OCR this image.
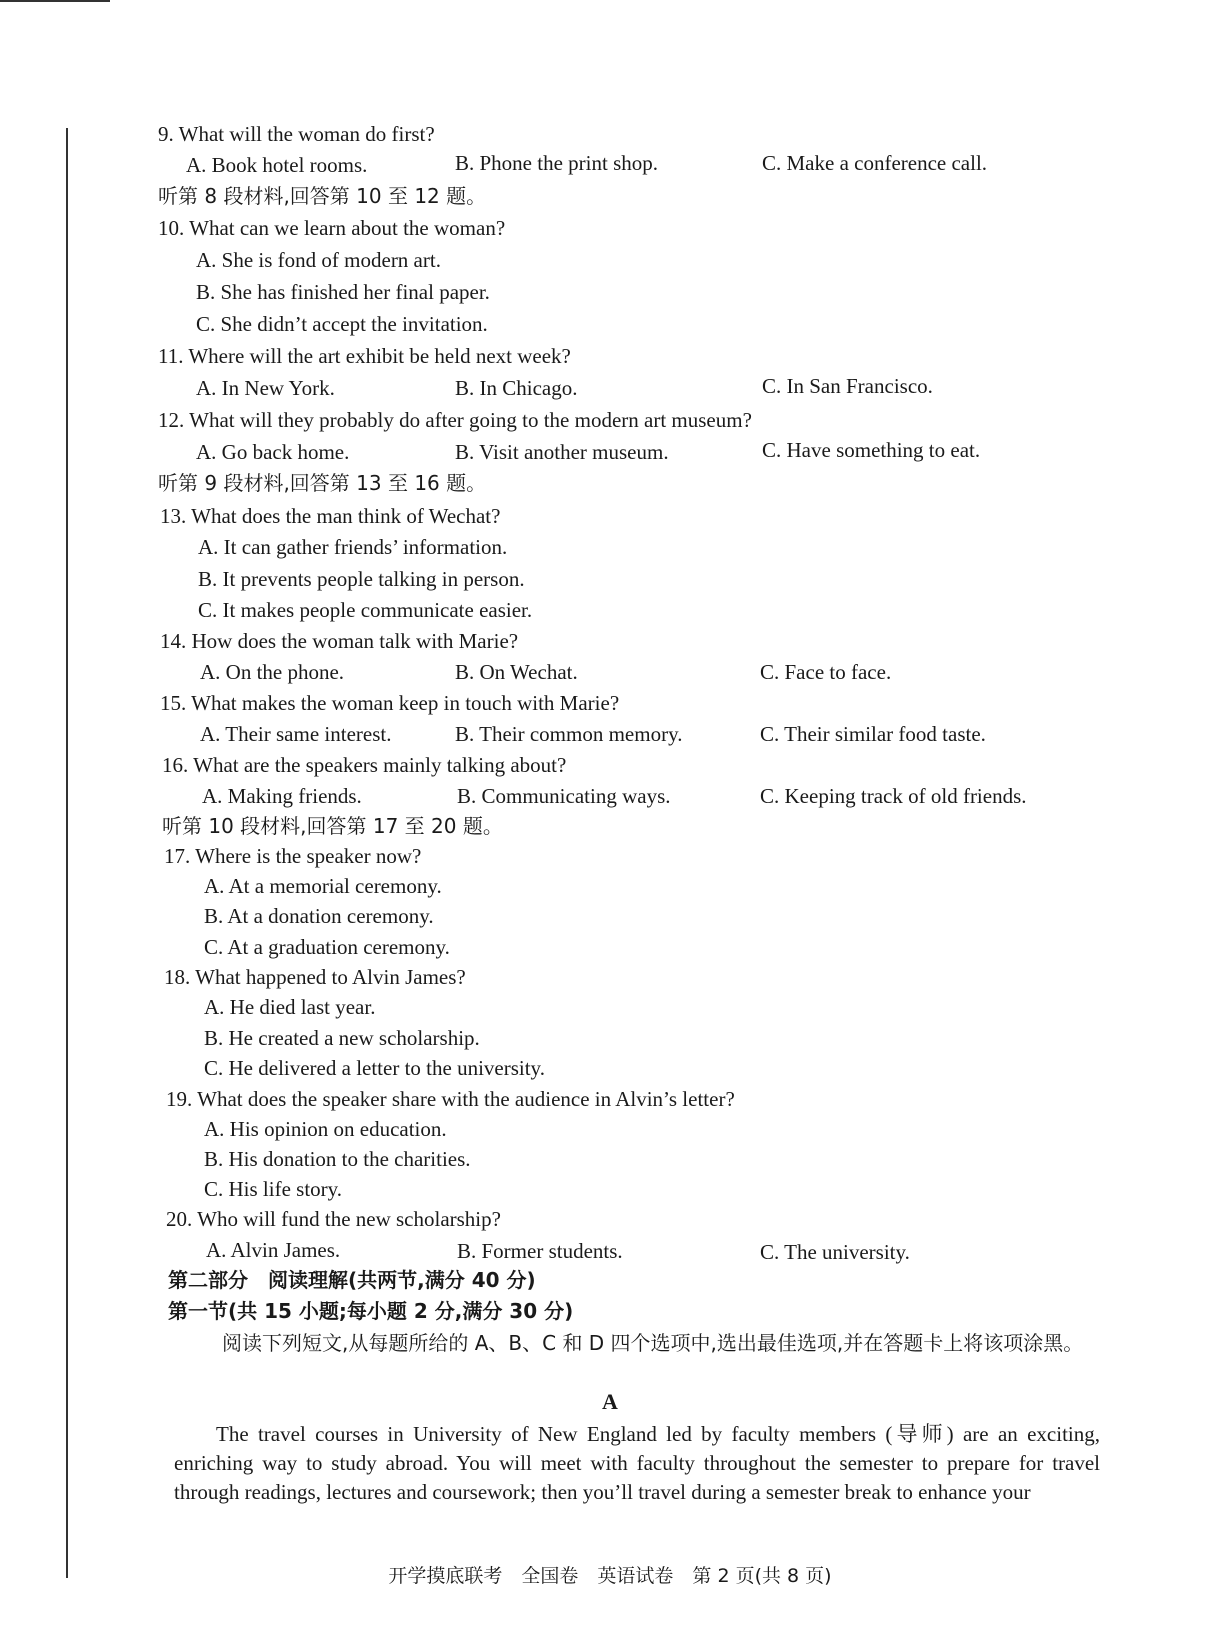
9. What will the woman do first?
A. Book hotel rooms.	B. Phone the print shop.	C. Make a conference call.
听第 8 段材料,回答第 10 至 12 题。
10. What can we learn about the woman?
A. She is fond of modern art.
B. She has finished her final paper.
C. She didn’t accept the invitation.
11. Where will the art exhibit be held next week?
A. In New York.	B. In Chicago.	C. In San Francisco.
12. What will they probably do after going to the modern art museum?
A. Go back home.	B. Visit another museum.	C. Have something to eat.
听第 9 段材料,回答第 13 至 16 题。
13. What does the man think of Wechat?
A. It can gather friends’ information.
B. It prevents people talking in person.
C. It makes people communicate easier.
14. How does the woman talk with Marie?
A. On the phone.	B. On Wechat.	C. Face to face.
15. What makes the woman keep in touch with Marie?
A. Their same interest.	B. Their common memory.	C. Their similar food taste.
16. What are the speakers mainly talking about?
A. Making friends.	B. Communicating ways.	C. Keeping track of old friends.
听第 10 段材料,回答第 17 至 20 题。
17. Where is the speaker now?
A. At a memorial ceremony.
B. At a donation ceremony.
C. At a graduation ceremony.
18. What happened to Alvin James?
A. He died last year.
B. He created a new scholarship.
C. He delivered a letter to the university.
19. What does the speaker share with the audience in Alvin’s letter?
A. His opinion on education.
B. His donation to the charities.
C. His life story.
20. Who will fund the new scholarship?
A. Alvin James.	B. Former students.	C. The university.
第二部分　阅读理解(共两节,满分 40 分)
第一节(共 15 小题;每小题 2 分,满分 30 分)
阅读下列短文,从每题所给的 A、B、C 和 D 四个选项中,选出最佳选项,并在答题卡上将该项涂黑。
A
The travel courses in University of New England led by faculty members (导师) are an exciting, enriching way to study abroad. You will meet with faculty throughout the semester to prepare for travel through readings, lectures and coursework; then you’ll travel during a semester break to enhance your
开学摸底联考　全国卷　英语试卷　第 2 页(共 8 页)
